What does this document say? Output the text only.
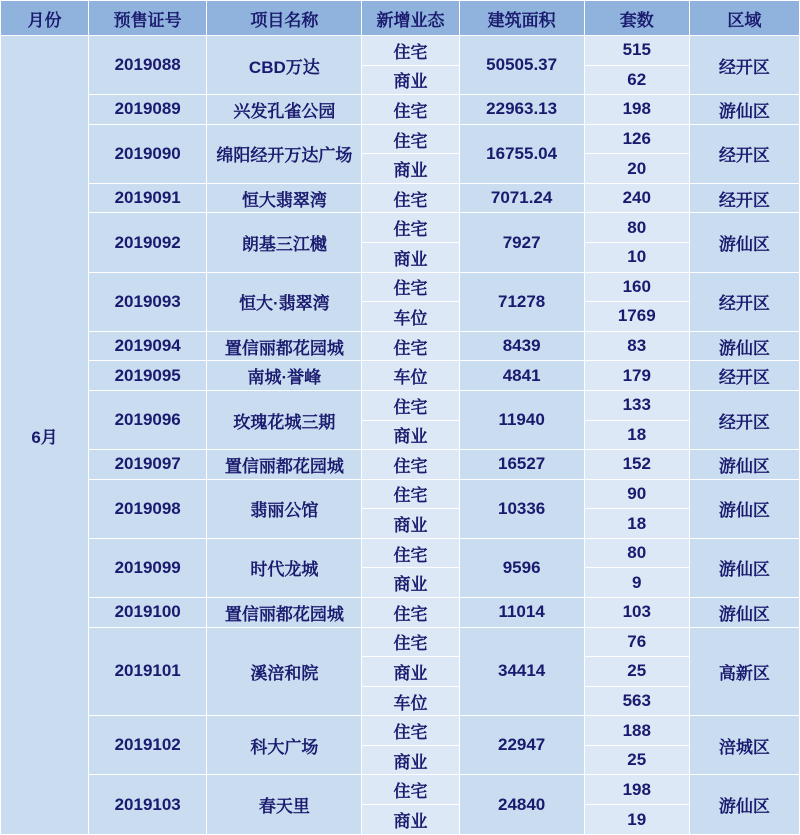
月份	预售证号	项目名称	新增业态	建筑面积	套数	区域
6月	2019088	CBD万达	住宅	50505.37	515	经开区
			商业		62	
	2019089	兴发孔雀公园	住宅	22963.13	198	游仙区
	2019090	绵阳经开万达广场	住宅	16755.04	126	经开区
			商业		20	
	2019091	恒大翡翠湾	住宅	7071.24	240	经开区
	2019092	朗基三江樾	住宅	7927	80	游仙区
			商业		10	
	2019093	恒大·翡翠湾	住宅	71278	160	经开区
			车位		1769	
	2019094	置信丽都花园城	住宅	8439	83	游仙区
	2019095	南城·誉峰	车位	4841	179	经开区
	2019096	玫瑰花城三期	住宅	11940	133	经开区
			商业		18	
	2019097	置信丽都花园城	住宅	16527	152	游仙区
	2019098	翡丽公馆	住宅	10336	90	游仙区
			商业		18	
	2019099	时代龙城	住宅	9596	80	游仙区
			商业		9	
	2019100	置信丽都花园城	住宅	11014	103	游仙区
	2019101	溪涪和院	住宅	34414	76	高新区
			商业		25	
			车位		563	
	2019102	科大广场	住宅	22947	188	涪城区
			商业		25	
	2019103	春天里	住宅	24840	198	游仙区
			商业		19	
